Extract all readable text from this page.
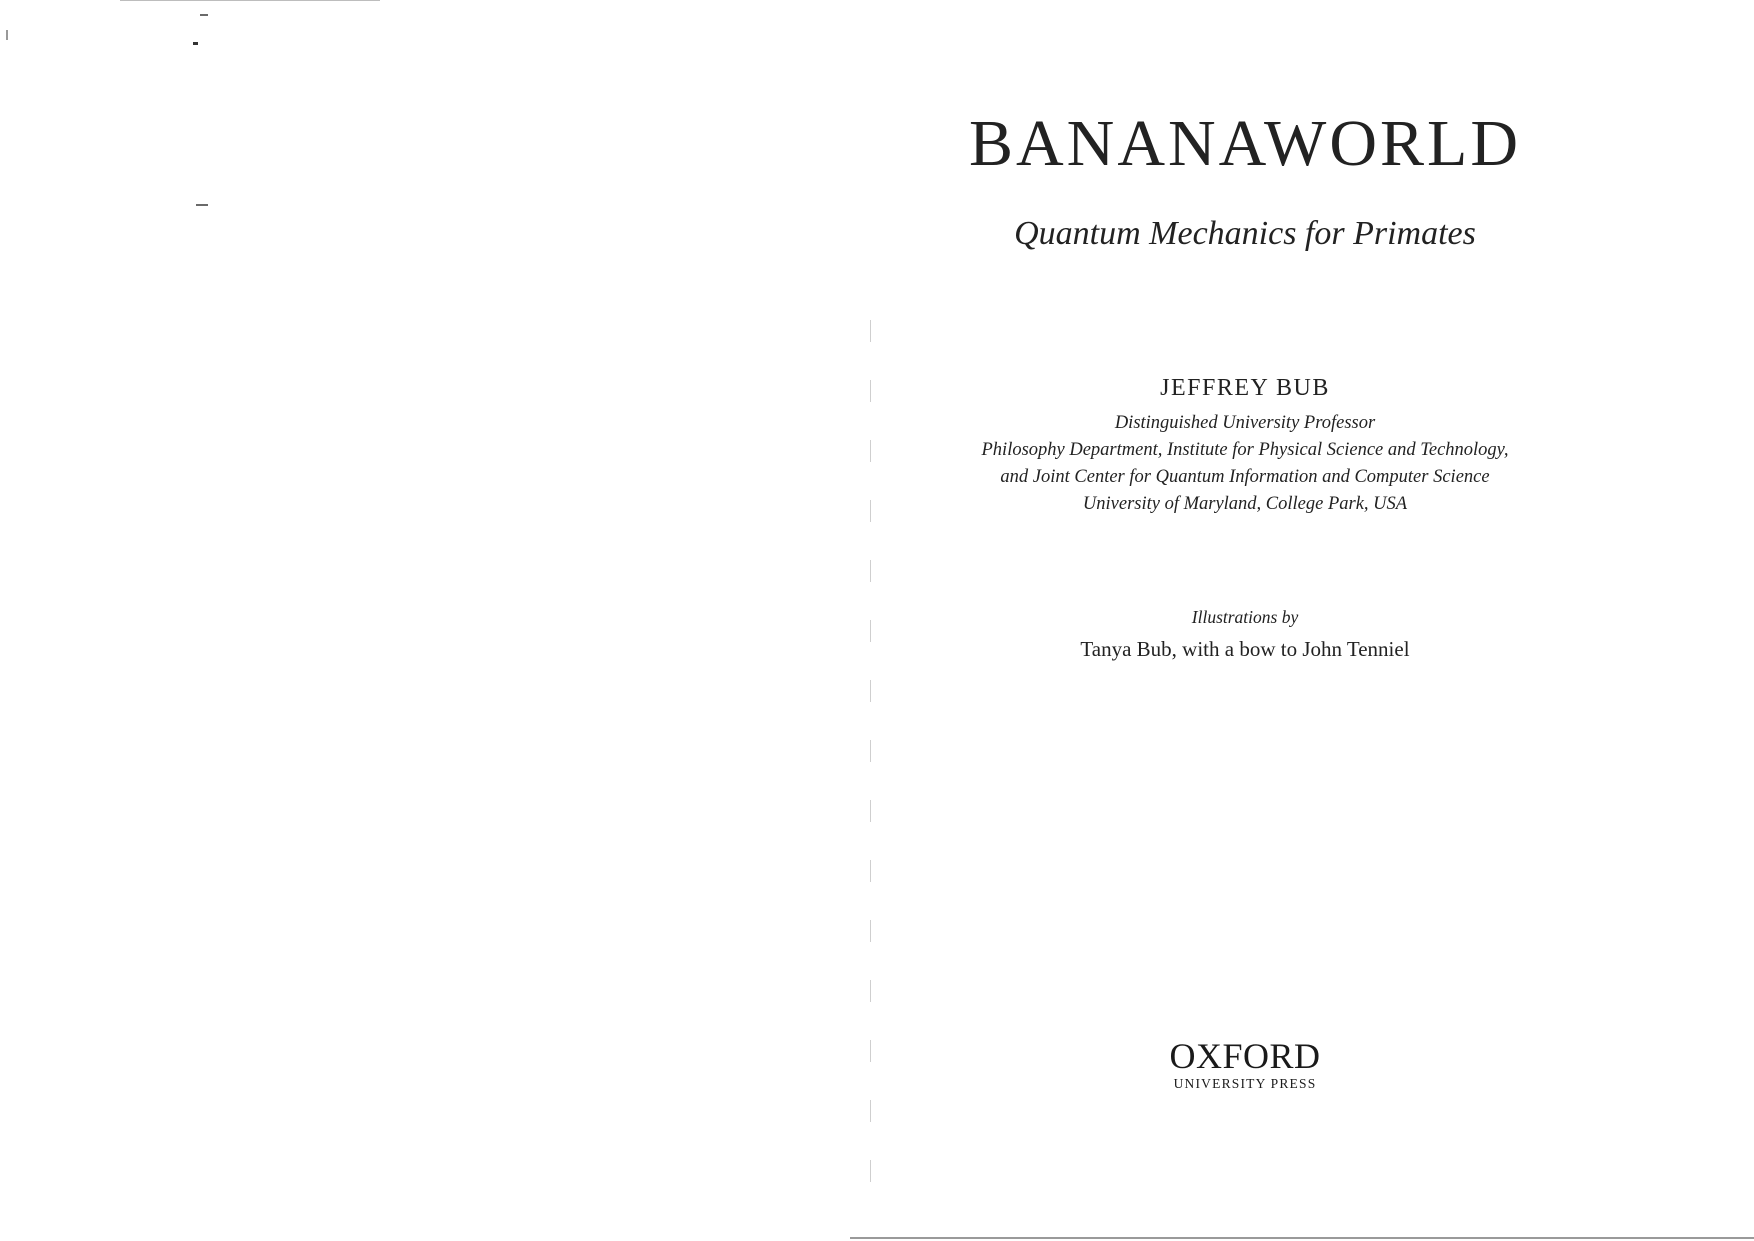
BANANAWORLD
Quantum Mechanics for Primates
JEFFREY BUB
Distinguished University Professor
Philosophy Department, Institute for Physical Science and Technology,
and Joint Center for Quantum Information and Computer Science
University of Maryland, College Park, USA
Illustrations by
Tanya Bub, with a bow to John Tenniel
OXFORD
UNIVERSITY PRESS
